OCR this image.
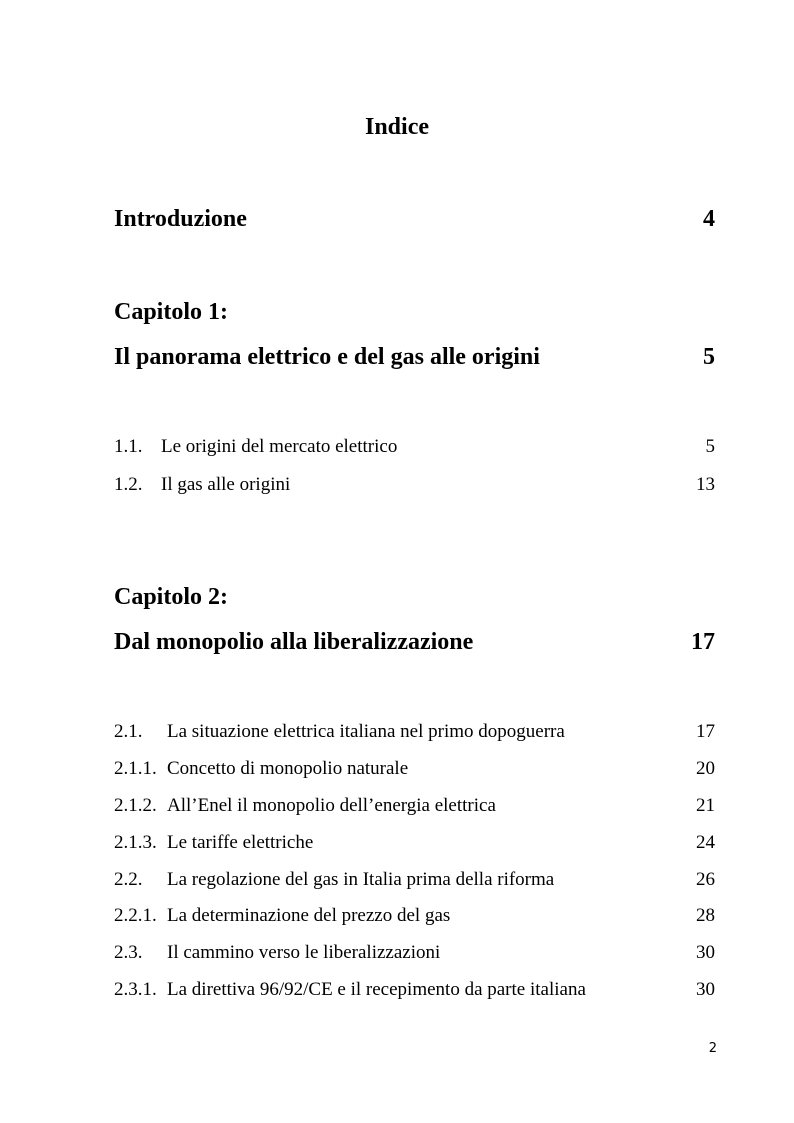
Indice
Introduzione	4
Capitolo 1:
Il panorama elettrico e del gas alle origini	5
1.1. Le origini del mercato elettrico	5
1.2. Il gas alle origini	13
Capitolo 2:
Dal monopolio alla liberalizzazione	17
2.1.	La situazione elettrica italiana nel primo dopoguerra	17
2.1.1. Concetto di monopolio naturale	20
2.1.2. All’Enel il monopolio dell’energia elettrica	21
2.1.3. Le tariffe elettriche	24
2.2.	La regolazione del gas in Italia prima della riforma	26
2.2.1. La determinazione del prezzo del gas	28
2.3.	Il cammino verso le liberalizzazioni	30
2.3.1. La direttiva 96/92/CE e il recepimento da parte italiana	30
2
